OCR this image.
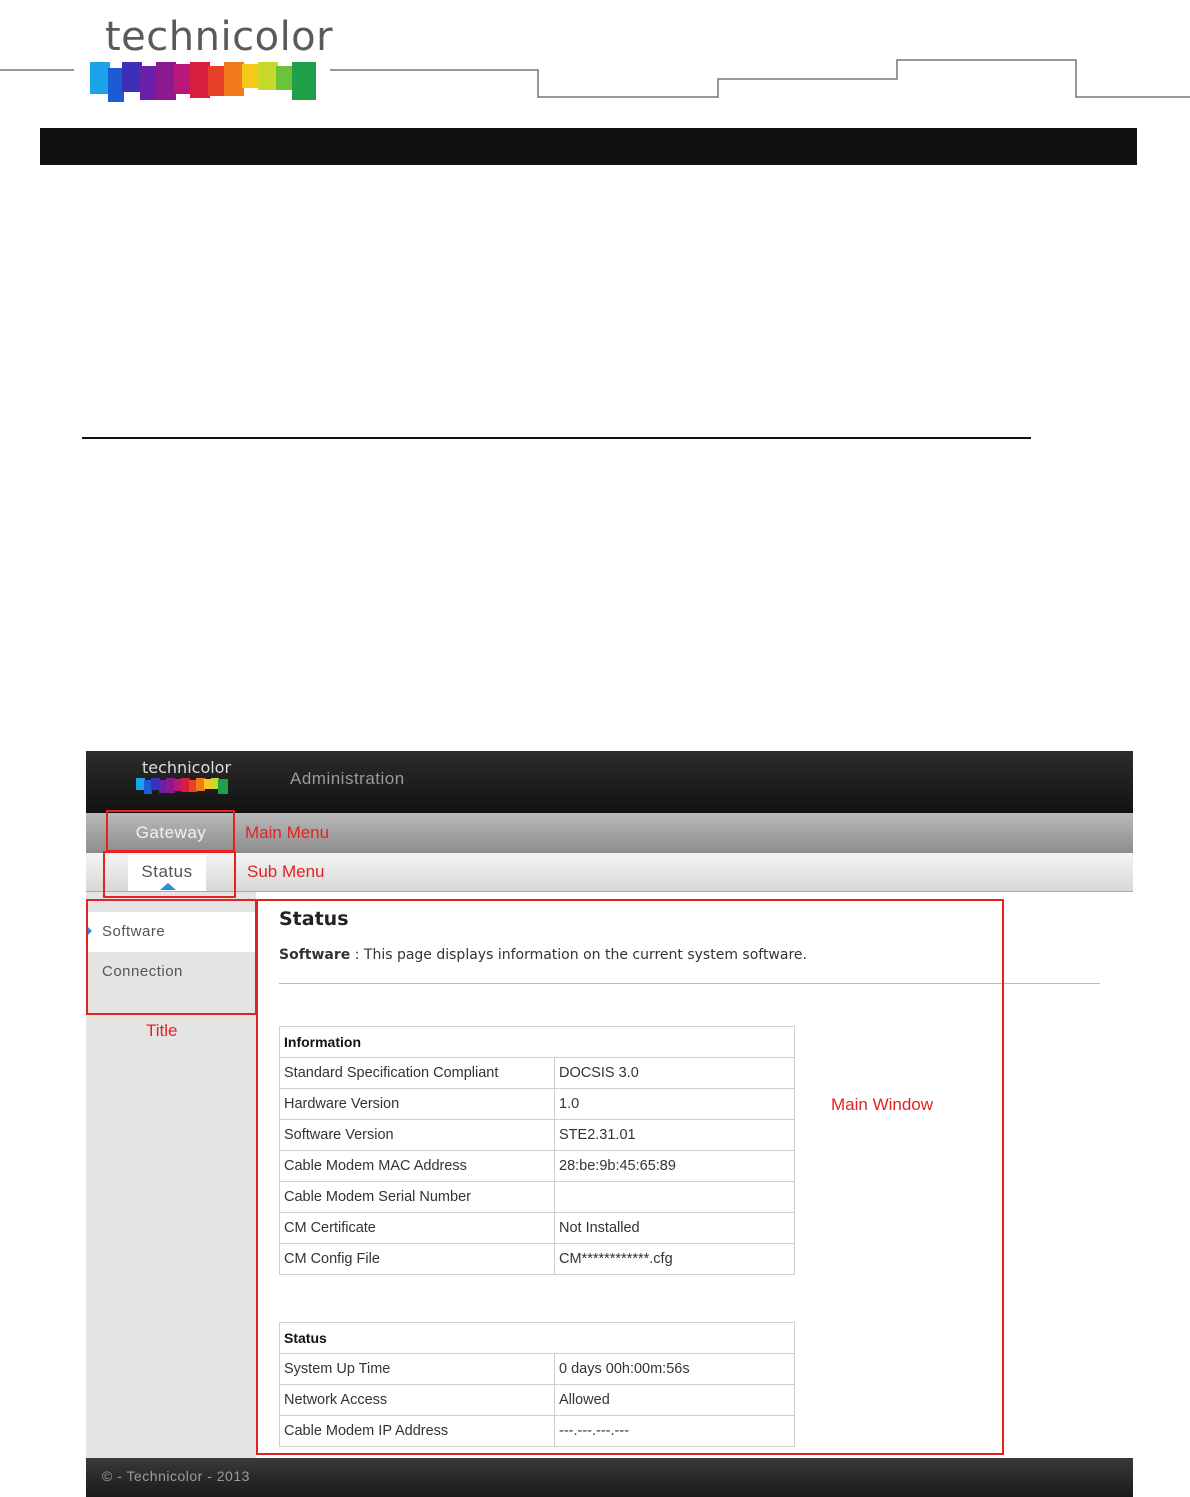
technicolor
technicolor
Administration
Gateway
Status
Software
Connection
Status
Software : This page displays information on the current system software.
Information	
Standard Specification Compliant	DOCSIS 3.0
Hardware Version	1.0
Software Version	STE2.31.01
Cable Modem MAC Address	28:be:9b:45:65:89
Cable Modem Serial Number	
CM Certificate	Not Installed
CM Config File	CM************.cfg
Status	
System Up Time	0 days 00h:00m:56s
Network Access	Allowed
Cable Modem IP Address	---.---.---.---
© - Technicolor - 2013
Main Menu
Sub Menu
Title
Main Window
